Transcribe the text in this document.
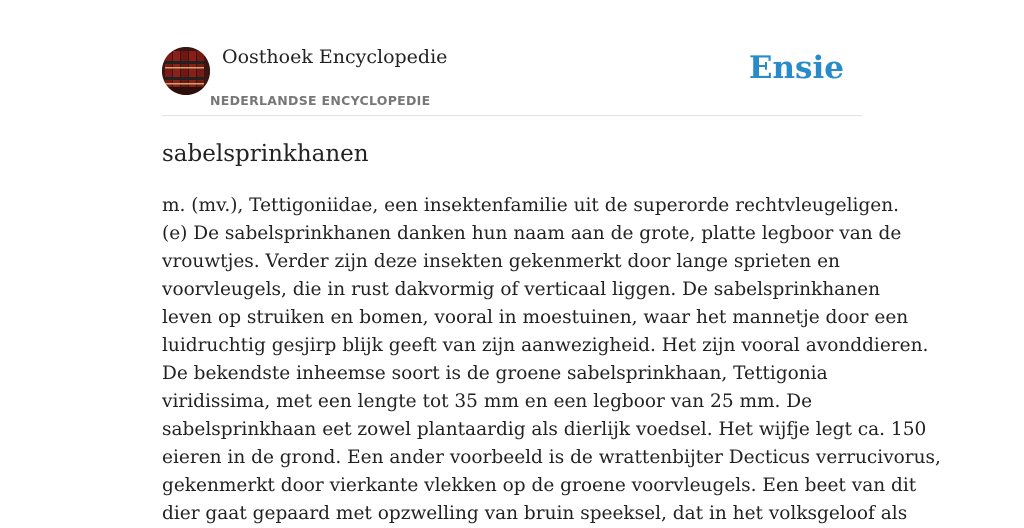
Oosthoek Encyclopedie
NEDERLANDSE ENCYCLOPEDIE
Ensie
sabelsprinkhanen
m. (mv.), Tettigoniidae, een insektenfamilie uit de superorde rechtvleugeligen.
(e) De sabelsprinkhanen danken hun naam aan de grote, platte legboor van de
vrouwtjes. Verder zijn deze insekten gekenmerkt door lange sprieten en
voorvleugels, die in rust dakvormig of verticaal liggen. De sabelsprinkhanen
leven op struiken en bomen, vooral in moestuinen, waar het mannetje door een
luidruchtig gesjirp blijk geeft van zijn aanwezigheid. Het zijn vooral avonddieren.
De bekendste inheemse soort is de groene sabelsprinkhaan, Tettigonia
viridissima, met een lengte tot 35 mm en een legboor van 25 mm. De
sabelsprinkhaan eet zowel plantaardig als dierlijk voedsel. Het wijfje legt ca. 150
eieren in de grond. Een ander voorbeeld is de wrattenbijter Decticus verrucivorus,
gekenmerkt door vierkante vlekken op de groene voorvleugels. Een beet van dit
dier gaat gepaard met opzwelling van bruin speeksel, dat in het volksgeloof als
